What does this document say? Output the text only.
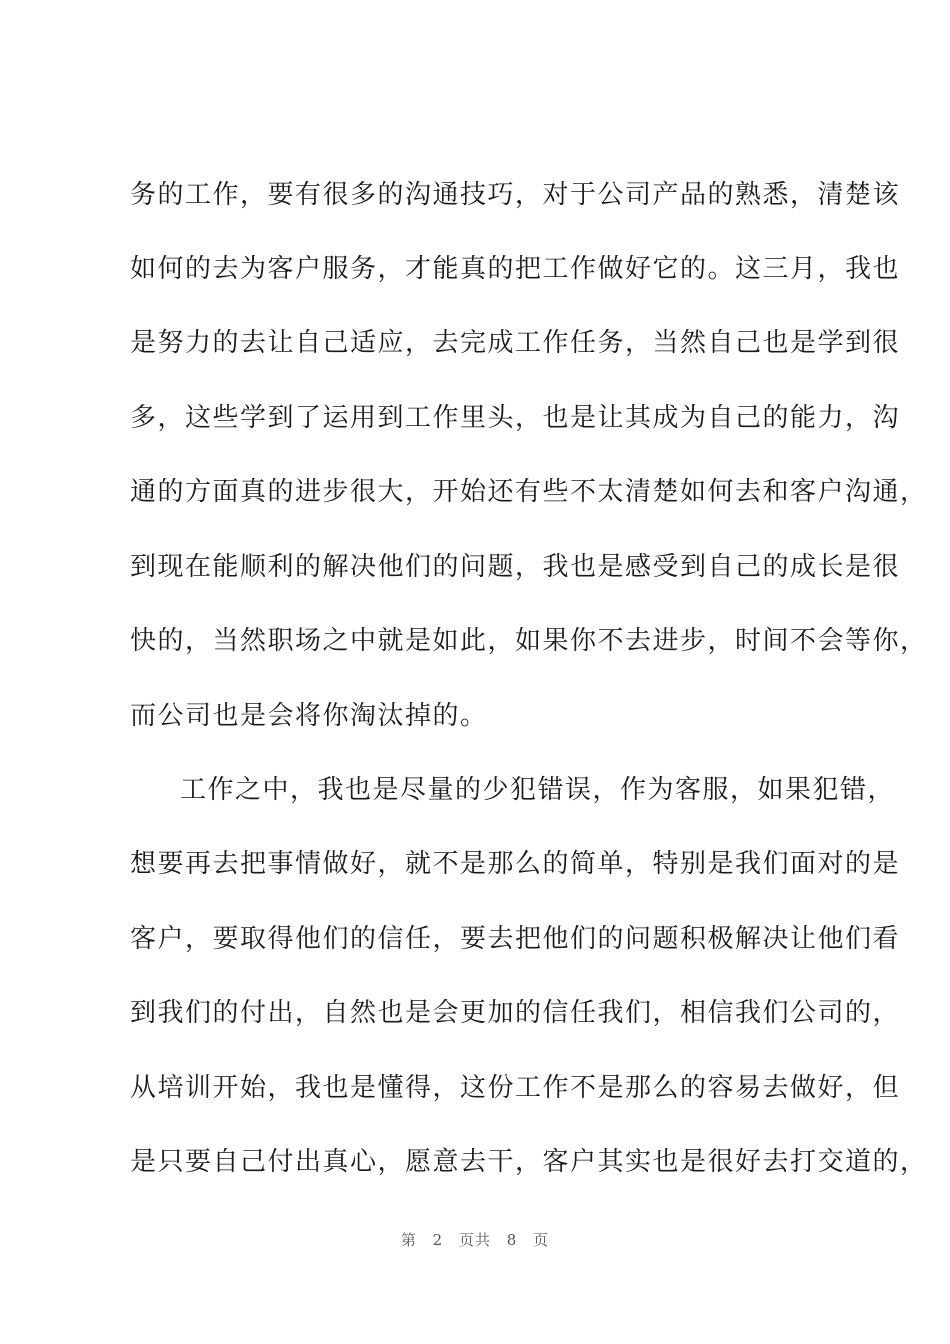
务的工作，要有很多的沟通技巧，对于公司产品的熟悉，清楚该
如何的去为客户服务，才能真的把工作做好它的。这三月，我也
是努力的去让自己适应，去完成工作任务，当然自己也是学到很
多，这些学到了运用到工作里头，也是让其成为自己的能力，沟
通的方面真的进步很大，开始还有些不太清楚如何去和客户沟通，
到现在能顺利的解决他们的问题，我也是感受到自己的成长是很
快的，当然职场之中就是如此，如果你不去进步，时间不会等你，
而公司也是会将你淘汰掉的。
工作之中，我也是尽量的少犯错误，作为客服，如果犯错，
想要再去把事情做好，就不是那么的简单，特别是我们面对的是
客户，要取得他们的信任，要去把他们的问题积极解决让他们看
到我们的付出，自然也是会更加的信任我们，相信我们公司的，
从培训开始，我也是懂得，这份工作不是那么的容易去做好，但
是只要自己付出真心，愿意去干，客户其实也是很好去打交道的，
第 2 页共 8 页
